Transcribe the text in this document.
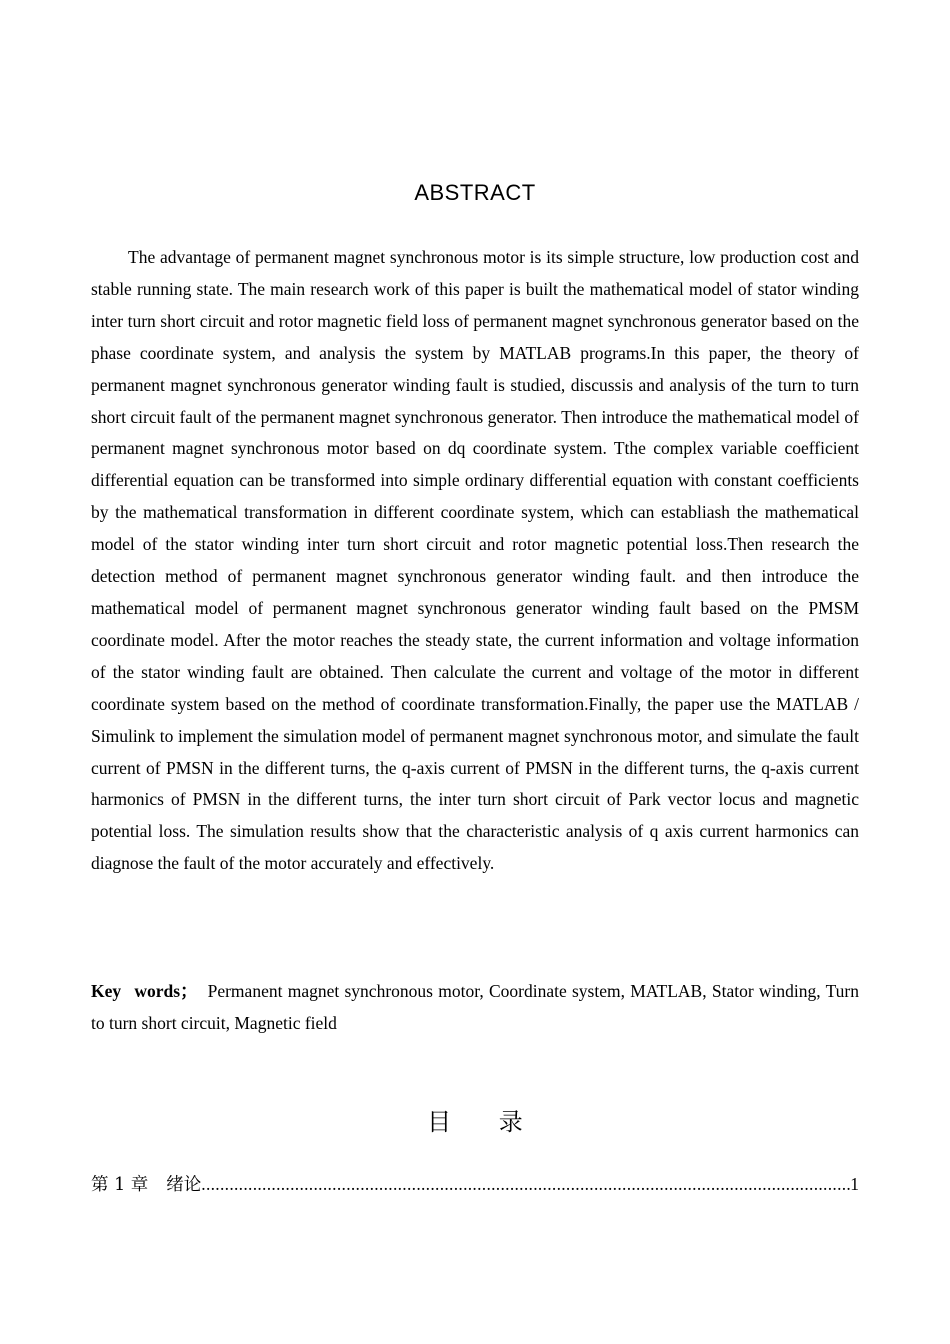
ABSTRACT

The advantage of permanent magnet synchronous motor is its simple structure, low production cost and stable running state. The main research work of this paper is built the mathematical model of stator winding inter turn short circuit and rotor magnetic field loss of permanent magnet synchronous generator based on the phase coordinate system, and analysis the system by MATLAB programs.In this paper, the theory of permanent magnet synchronous generator winding fault is studied, discussis and analysis of the turn to turn short circuit fault of the permanent magnet synchronous generator. Then introduce the mathematical model of permanent magnet synchronous motor based on dq coordinate system. Tthe complex variable coefficient differential equation can be transformed into simple ordinary differential equation with constant coefficients by the mathematical transformation in different coordinate system, which can establiash the mathematical model of the stator winding inter turn short circuit and rotor magnetic potential loss.Then research the detection method of permanent magnet synchronous generator winding fault. and then introduce the mathematical model of permanent magnet synchronous generator winding fault based on the PMSM coordinate model. After the motor reaches the steady state, the current information and voltage information of the stator winding fault are obtained. Then calculate the current and voltage of the motor in different coordinate system based on the method of coordinate transformation.Finally, the paper use the MATLAB / Simulink to implement the simulation model of permanent magnet synchronous motor, and simulate the fault current of PMSN in the different turns, the q-axis current of PMSN in the different turns, the q-axis current harmonics of PMSN in the different turns, the inter turn short circuit of Park vector locus and magnetic potential loss. The simulation results show that the characteristic analysis of q axis current harmonics can diagnose the fault of the motor accurately and effectively.

Key words； Permanent magnet synchronous motor, Coordinate system, MATLAB, Stator winding, Turn to turn short circuit, Magnetic field

目 录
第 1 章 绪论
.....	1
